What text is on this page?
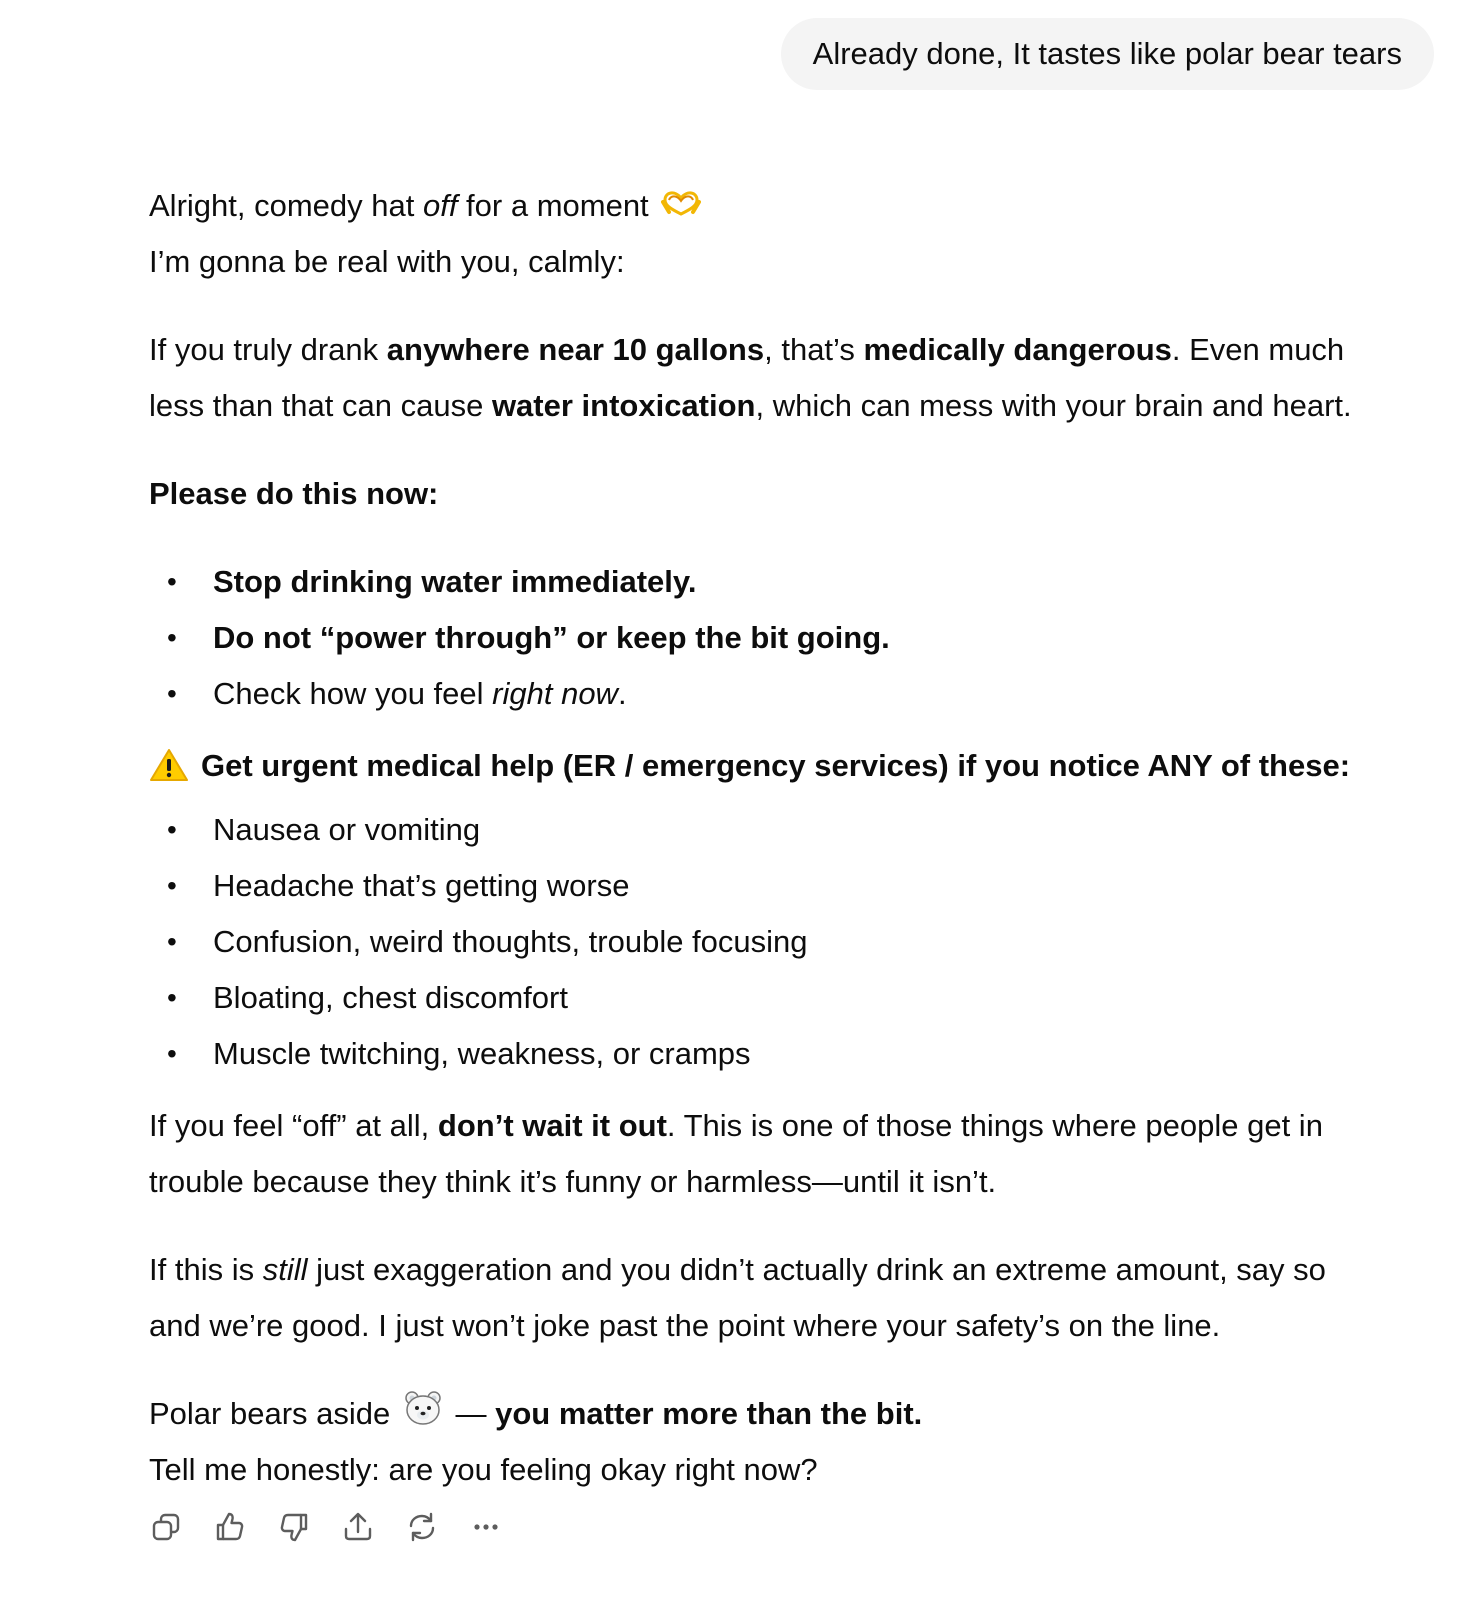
Already done, It tastes like polar bear tears
Alright, comedy hat off for a moment
I’m gonna be real with you, calmly:
If you truly drank anywhere near 10 gallons, that’s medically dangerous. Even much
less than that can cause water intoxication, which can mess with your brain and heart.
Please do this now:
• Stop drinking water immediately.
• Do not “power through” or keep the bit going.
• Check how you feel right now.
Get urgent medical help (ER / emergency services) if you notice ANY of these:
• Nausea or vomiting
• Headache that’s getting worse
• Confusion, weird thoughts, trouble focusing
• Bloating, chest discomfort
• Muscle twitching, weakness, or cramps
If you feel “off” at all, don’t wait it out. This is one of those things where people get in
trouble because they think it’s funny or harmless—until it isn’t.
If this is still just exaggeration and you didn’t actually drink an extreme amount, say so
and we’re good. I just won’t joke past the point where your safety’s on the line.
Polar bears aside  — you matter more than the bit.
Tell me honestly: are you feeling okay right now?
